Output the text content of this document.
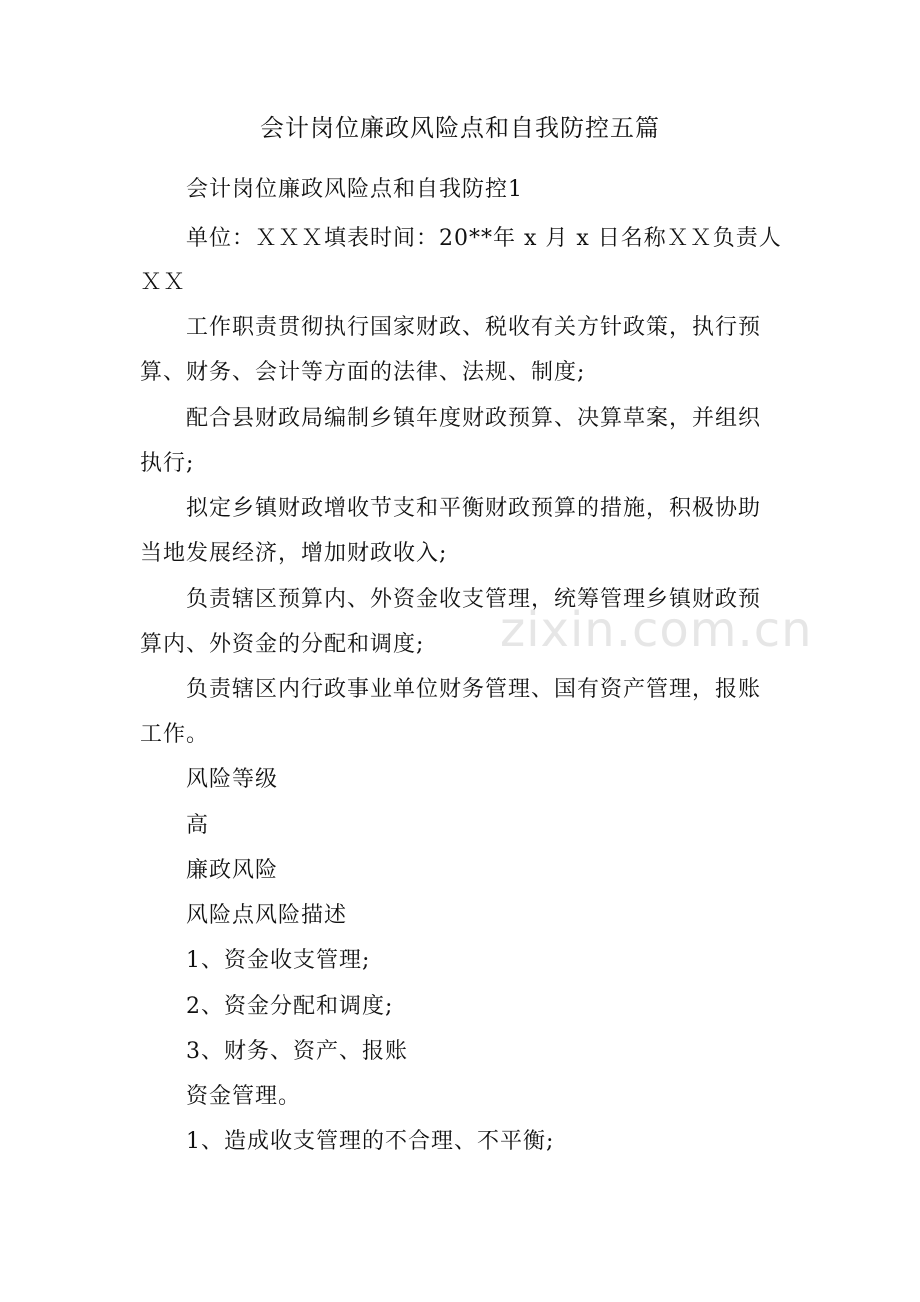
会计岗位廉政风险点和自我防控五篇
会计岗位廉政风险点和自我防控1
单位：ＸＸＸ填表时间：20**年 x 月 x 日名称ＸＸ负责人
ＸＸ
工作职责贯彻执行国家财政、税收有关方针政策，执行预
算、财务、会计等方面的法律、法规、制度;
配合县财政局编制乡镇年度财政预算、决算草案，并组织
执行;
拟定乡镇财政增收节支和平衡财政预算的措施，积极协助
当地发展经济，增加财政收入;
负责辖区预算内、外资金收支管理，统筹管理乡镇财政预
算内、外资金的分配和调度;
负责辖区内行政事业单位财务管理、国有资产管理，报账
工作。
风险等级
高
廉政风险
风险点风险描述
1、资金收支管理;
2、资金分配和调度;
3、财务、资产、报账
资金管理。
1、造成收支管理的不合理、不平衡;
zixin.com.cn
